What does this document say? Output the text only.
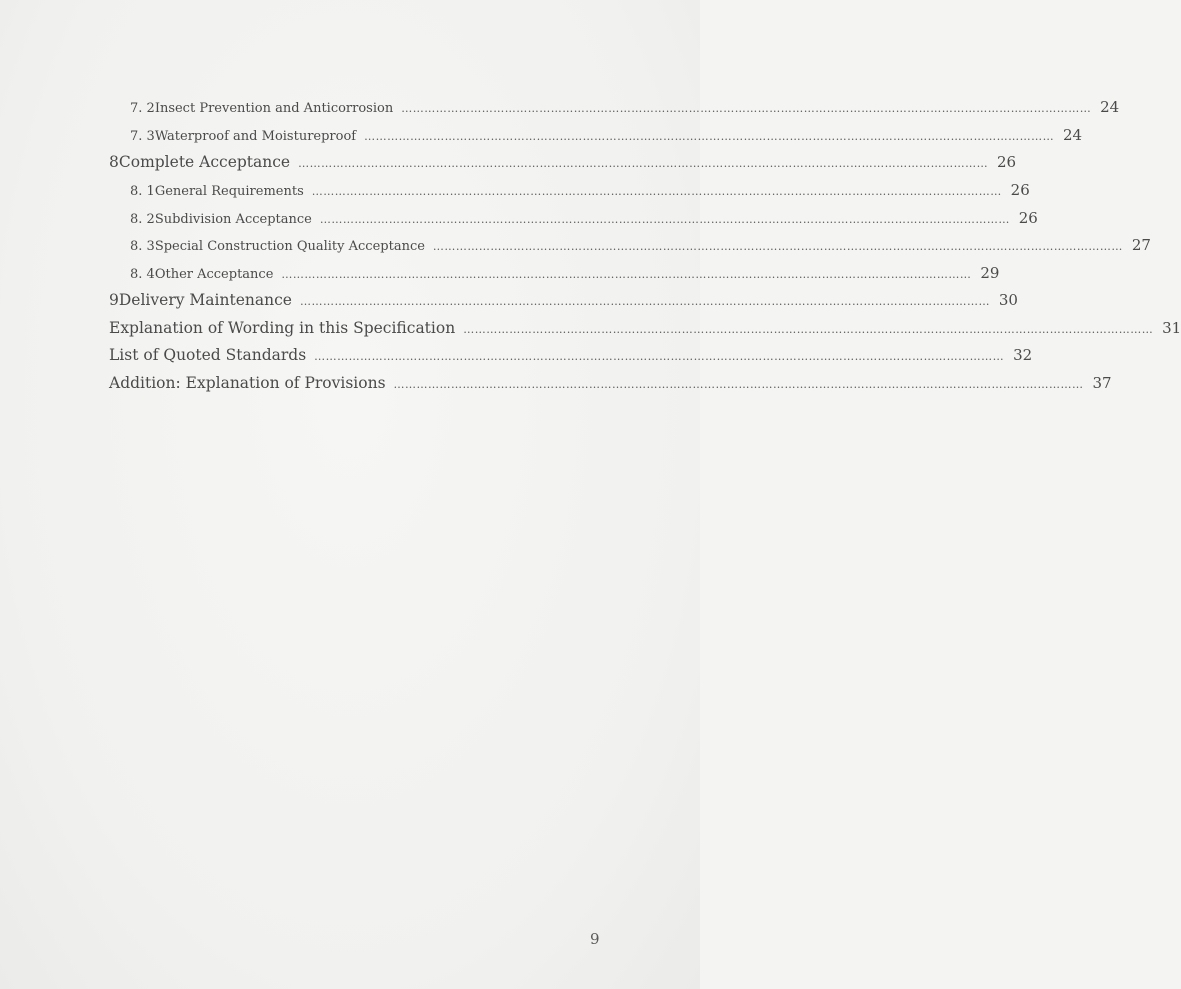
7. 2 Insect Prevention and Anticorrosion ……………………………………………………………………………………………………………………………………………………………… 24
7. 3 Waterproof and Moistureproof ……………………………………………………………………………………………………………………………………………………………… 24
8 Complete Acceptance ……………………………………………………………………………………………………………………………………………………………… 26
8. 1 General Requirements ……………………………………………………………………………………………………………………………………………………………… 26
8. 2 Subdivision Acceptance ……………………………………………………………………………………………………………………………………………………………… 26
8. 3 Special Construction Quality Acceptance ……………………………………………………………………………………………………………………………………………………………… 27
8. 4 Other Acceptance ……………………………………………………………………………………………………………………………………………………………… 29
9 Delivery Maintenance ……………………………………………………………………………………………………………………………………………………………… 30
Explanation of Wording in this Specification ……………………………………………………………………………………………………………………………………………………………… 31
List of Quoted Standards ……………………………………………………………………………………………………………………………………………………………… 32
Addition: Explanation of Provisions ……………………………………………………………………………………………………………………………………………………………… 37
9
